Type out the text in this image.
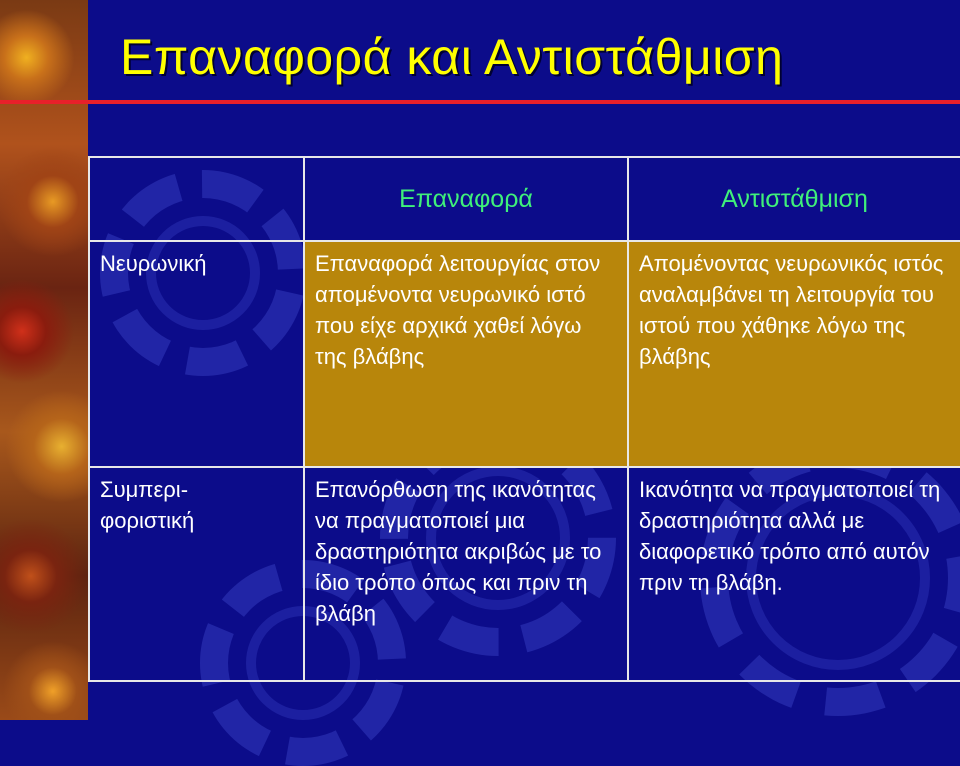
Επαναφορά και Αντιστάθμιση
	Επαναφορά	Αντιστάθμιση

Νευρωνική	Επαναφορά λειτουργίας στον απομένοντα νευρωνικό ιστό που είχε αρχικά χαθεί λόγω της βλάβης	Απομένοντας νευρωνικός ιστός αναλαμβάνει τη λειτουργία του ιστού που χάθηκε λόγω της βλάβης

Συμπερι-
φοριστική	Επανόρθωση της ικανότητας να πραγματοποιεί μια δραστηριότητα ακριβώς με το ίδιο τρόπο όπως και πριν τη βλάβη	Ικανότητα να πραγματοποιεί τη δραστηριότητα αλλά με διαφορετικό τρόπο από αυτόν πριν τη βλάβη.
